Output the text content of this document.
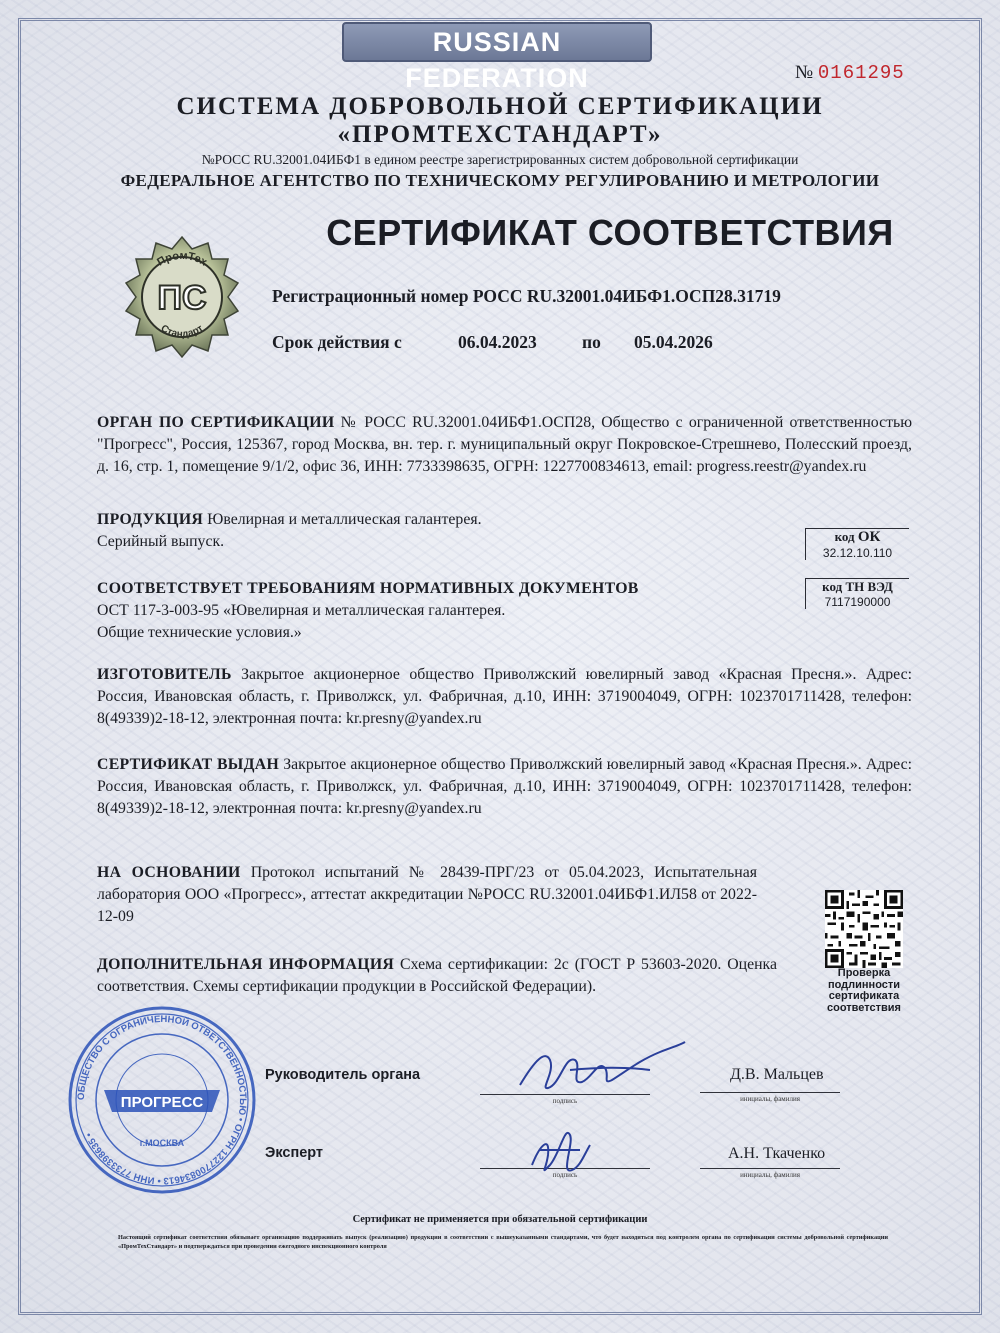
RUSSIAN FEDERATION	№ 0161295
СИСТЕМА ДОБРОВОЛЬНОЙ СЕРТИФИКАЦИИ
«ПРОМТЕХСТАНДАРТ»
№РОСС RU.32001.04ИБФ1 в едином реестре зарегистрированных систем добровольной сертификации
ФЕДЕРАЛЬНОЕ АГЕНТСТВО ПО ТЕХНИЧЕСКОМУ РЕГУЛИРОВАНИЮ И МЕТРОЛОГИИ
ПромТех
Стандарт
ПС
СЕРТИФИКАТ СООТВЕТСТВИЯ
Регистрационный номер РОСС RU.32001.04ИБФ1.ОСП28.31719
Срок действия с	06.04.2023	по 05.04.2026
ОРГАН ПО СЕРТИФИКАЦИИ № РОСС RU.32001.04ИБФ1.ОСП28, Общество с ограниченной ответственностью "Прогресс", Россия, 125367, город Москва, вн. тер. г. муниципальный округ Покровское-Стрешнево, Полесский проезд, д. 16, стр. 1, помещение 9/1/2, офис 36, ИНН: 7733398635, ОГРН: 1227700834613, email: progress.reestr@yandex.ru
ПРОДУКЦИЯ Ювелирная и металлическая галантерея.
Серийный выпуск.
СООТВЕТСТВУЕТ ТРЕБОВАНИЯМ НОРМАТИВНЫХ ДОКУМЕНТОВ
ОСТ 117-3-003-95 «Ювелирная и металлическая галантерея.
Общие технические условия.»
код ОК
32.12.10.110
код ТН ВЭД
7117190000
ИЗГОТОВИТЕЛЬ Закрытое акционерное общество Приволжский ювелирный завод «Красная Пресня.». Адрес: Россия, Ивановская область, г. Приволжск, ул. Фабричная, д.10, ИНН: 3719004049, ОГРН: 1023701711428, телефон: 8(49339)2-18-12, электронная почта: kr.presny@yandex.ru
СЕРТИФИКАТ ВЫДАН Закрытое акционерное общество Приволжский ювелирный завод «Красная Пресня.». Адрес: Россия, Ивановская область, г. Приволжск, ул. Фабричная, д.10, ИНН: 3719004049, ОГРН: 1023701711428, телефон: 8(49339)2-18-12, электронная почта: kr.presny@yandex.ru
НА ОСНОВАНИИ Протокол испытаний № 28439-ПРГ/23 от 05.04.2023, Испытательная лаборатория ООО «Прогресс», аттестат аккредитации №РОСС RU.32001.04ИБФ1.ИЛ58 от 2022-12-09
ДОПОЛНИТЕЛЬНАЯ ИНФОРМАЦИЯ Схема сертификации: 2с (ГОСТ Р 53603-2020. Оценка соответствия. Схемы сертификации продукции в Российской Федерации).
Проверка
подлинности
сертификата
соответствия
ОБЩЕСТВО С ОГРАНИЧЕННОЙ ОТВЕТСТВЕННОСТЬЮ • ОГРН 1227700834613 • ИНН 7733398635 •
ПРОГРЕСС
г.МОСКВА
Руководитель органа
подпись
Д.В. Мальцев
инициалы, фамилия
Эксперт
подпись
А.Н. Ткаченко
инициалы, фамилия
Сертификат не применяется при обязательной сертификации
Настоящий сертификат соответствия обязывает организацию поддерживать выпуск (реализацию) продукции в соответствии с вышеуказанными стандартами, что будет находиться под контролем органа по сертификации системы добровольной сертификации «ПромТехСтандарт» и подтверждаться при проведении ежегодного инспекционного контроля
